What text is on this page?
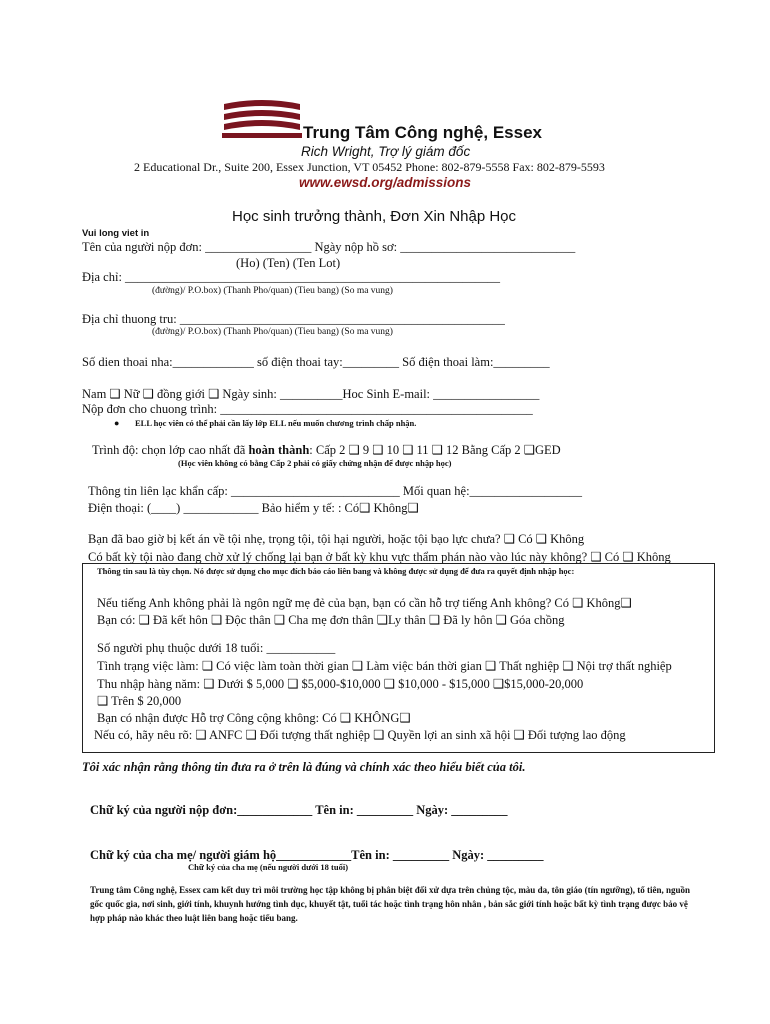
Trung Tâm Công nghệ, Essex
Rich Wright, Trợ lý giám đốc
2 Educational Dr., Suite 200, Essex Junction, VT 05452 Phone: 802-879-5558 Fax: 802-879-5593
www.ewsd.org/admissions
Học sinh trưởng thành, Đơn Xin Nhập Học
Vui long viet in
Tên của người nộp đơn: _________________ Ngày nộp hồ sơ: ____________________________
(Ho) (Ten) (Ten Lot)
Địa chỉ: ____________________________________________________________
(đường)/ P.O.box) (Thanh Pho/quan) (Tieu bang) (So ma vung)
Địa chỉ thuong tru: ____________________________________________________
(đường)/ P.O.box) (Thanh Pho/quan) (Tieu bang) (So ma vung)
Số dien thoai nha:_____________ số điện thoai tay:_________ Số điện thoai làm:_________
Nam ❑ Nữ ❑ đồng giới ❑ Ngày sinh: __________Hoc Sinh E-mail: _________________
Nộp đơn cho chuong trình: __________________________________________________
● ELL học viên có thể phải cần lấy lớp ELL nếu muốn chương trình chấp nhận.
Trình độ: chọn lớp cao nhất đã hoàn thành: Cấp 2 ❑ 9 ❑ 10 ❑ 11 ❑ 12 Bằng Cấp 2 ❑GED
(Học viên không có bằng Cấp 2 phải có giấy chứng nhận để được nhập học)
Thông tin liên lạc khẩn cấp: ___________________________ Mối quan hệ:__________________
Điện thoại: (____) ____________ Bảo hiểm y tế: : Có❑ Không❑
Bạn đã bao giờ bị kết án về tội nhẹ, trọng tội, tội hại người, hoặc tội bạo lực chưa? ❑ Có ❑ Không
Có bất kỳ tội nào đang chờ xử lý chống lại bạn ở bất kỳ khu vực thẩm phán nào vào lúc này không? ❑ Có ❑ Không
Thông tin sau là tùy chọn. Nó được sử dụng cho mục đích báo cáo liên bang và không được sử dụng để đưa ra quyết định nhập học:
Nếu tiếng Anh không phải là ngôn ngữ mẹ đẻ của bạn, bạn có cần hỗ trợ tiếng Anh không? Có ❑ Không❑
Bạn có: ❑ Đã kết hôn ❑ Độc thân ❑ Cha mẹ đơn thân ❑Ly thân ❑ Đã ly hôn ❑ Góa chồng
Số người phụ thuộc dưới 18 tuổi: ___________
Tình trạng việc làm: ❑ Có việc làm toàn thời gian ❑ Làm việc bán thời gian ❑ Thất nghiệp ❑ Nội trợ thất nghiệp
Thu nhập hàng năm: ❑ Dưới $ 5,000 ❑ $5,000-$10,000 ❑ $10,000 - $15,000 ❑$15,000-20,000
❑ Trên $ 20,000
Bạn có nhận được Hỗ trợ Công cộng không: Có ❑ KHÔNG❑
Nếu có, hãy nêu rõ: ❑ ANFC ❑ Đối tượng thất nghiệp ❑ Quyền lợi an sinh xã hội ❑ Đối tượng lao động
Tôi xác nhận rằng thông tin đưa ra ở trên là đúng và chính xác theo hiểu biết của tôi.
Chữ ký của người nộp đơn:____________ Tên in: _________ Ngày: _________
Chữ ký của cha mẹ/ người giám hộ____________Tên in: _________ Ngày: _________
Chữ ký của cha mẹ (nếu người dưới 18 tuổi)
Trung tâm Công nghệ, Essex cam kết duy trì môi trường học tập không bị phân biệt đối xử dựa trên chủng tộc, màu da, tôn giáo (tín ngưỡng), tổ tiên, nguồn gốc quốc gia, nơi sinh, giới tính, khuynh hướng tình dục, khuyết tật, tuổi tác hoặc tình trạng hôn nhân , bản sắc giới tính hoặc bất kỳ tình trạng được bảo vệ hợp pháp nào khác theo luật liên bang hoặc tiểu bang.
